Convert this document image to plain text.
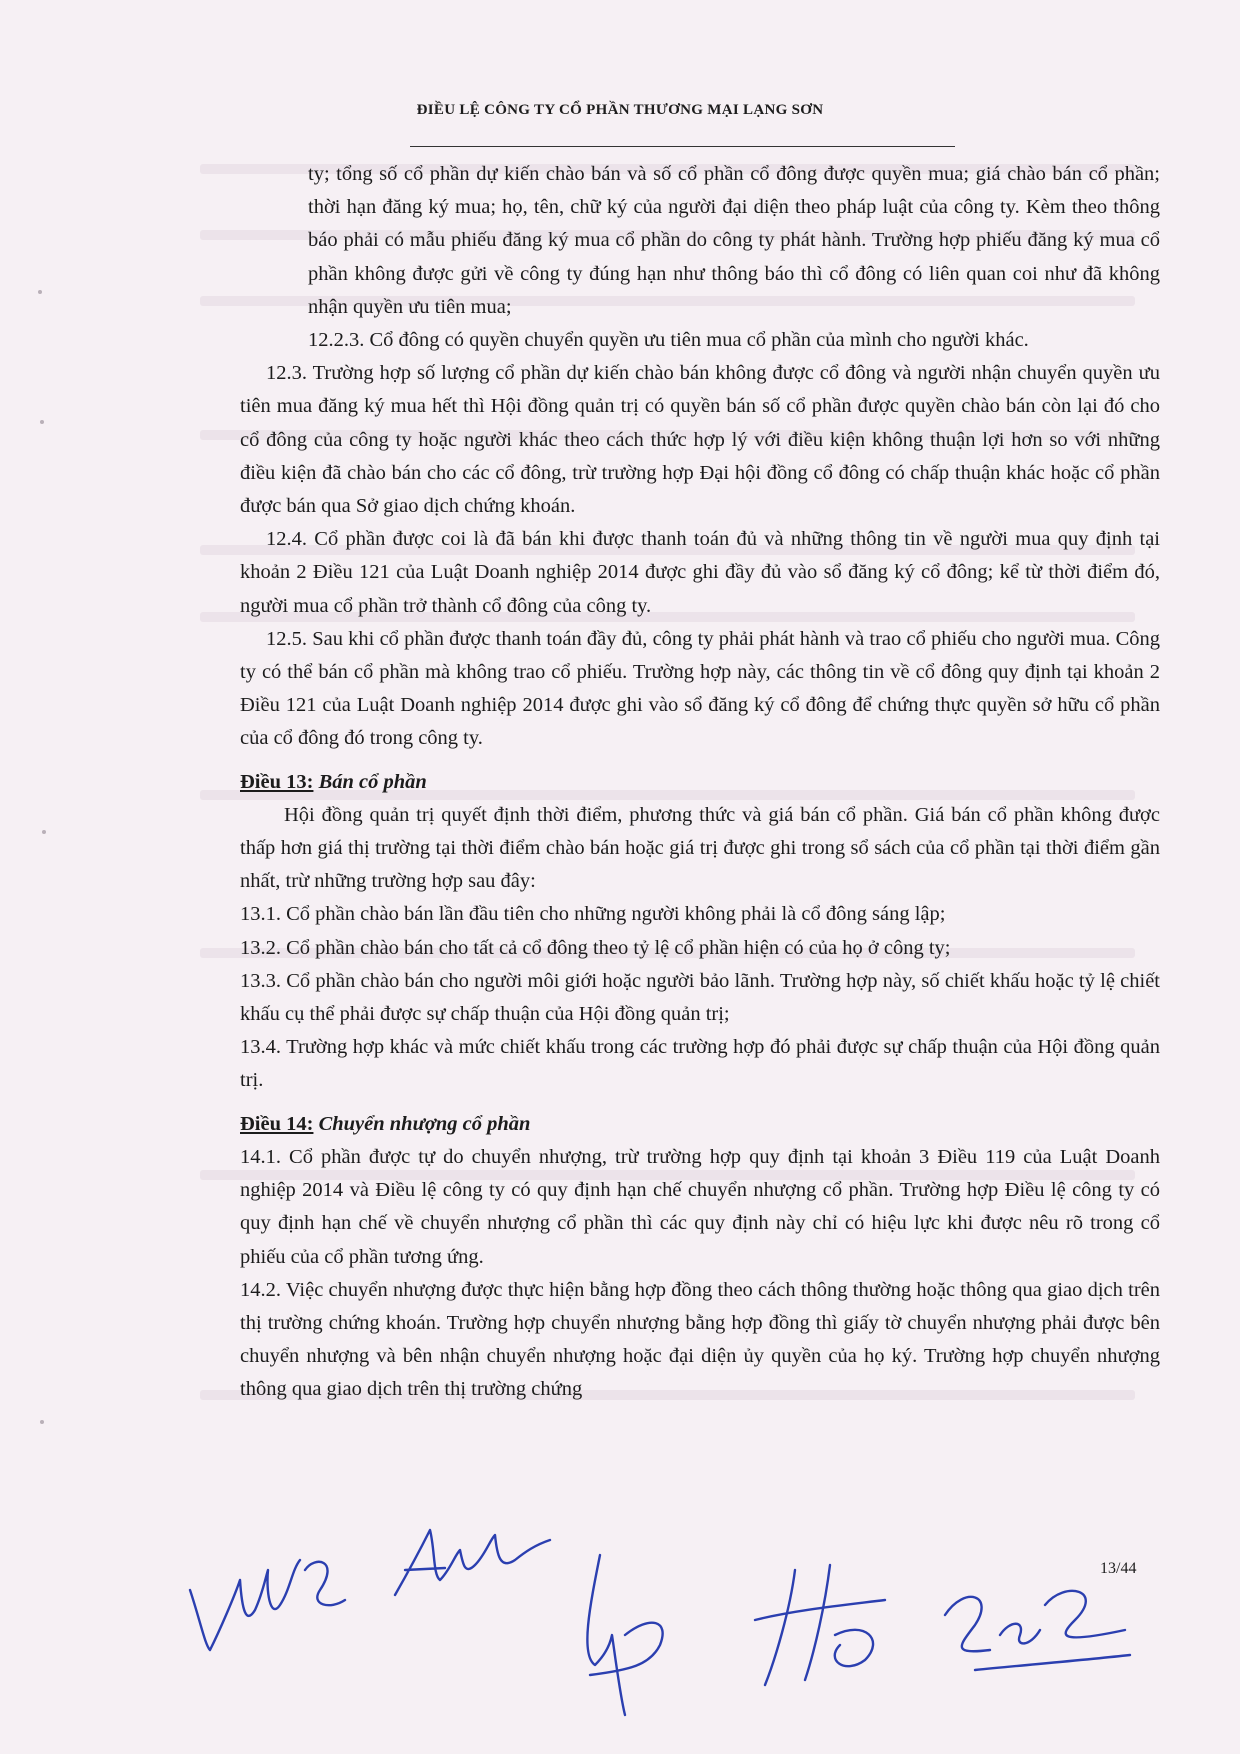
ĐIỀU LỆ CÔNG TY CỔ PHẦN THƯƠNG MẠI LẠNG SƠN

ty; tổng số cổ phần dự kiến chào bán và số cổ phần cổ đông được quyền mua; giá chào bán cổ phần; thời hạn đăng ký mua; họ, tên, chữ ký của người đại diện theo pháp luật của công ty. Kèm theo thông báo phải có mẫu phiếu đăng ký mua cổ phần do công ty phát hành. Trường hợp phiếu đăng ký mua cổ phần không được gửi về công ty đúng hạn như thông báo thì cổ đông có liên quan coi như đã không nhận quyền ưu tiên mua;

12.2.3. Cổ đông có quyền chuyển quyền ưu tiên mua cổ phần của mình cho người khác.

12.3. Trường hợp số lượng cổ phần dự kiến chào bán không được cổ đông và người nhận chuyển quyền ưu tiên mua đăng ký mua hết thì Hội đồng quản trị có quyền bán số cổ phần được quyền chào bán còn lại đó cho cổ đông của công ty hoặc người khác theo cách thức hợp lý với điều kiện không thuận lợi hơn so với những điều kiện đã chào bán cho các cổ đông, trừ trường hợp Đại hội đồng cổ đông có chấp thuận khác hoặc cổ phần được bán qua Sở giao dịch chứng khoán.

12.4. Cổ phần được coi là đã bán khi được thanh toán đủ và những thông tin về người mua quy định tại khoản 2 Điều 121 của Luật Doanh nghiệp 2014 được ghi đầy đủ vào sổ đăng ký cổ đông; kể từ thời điểm đó, người mua cổ phần trở thành cổ đông của công ty.

12.5. Sau khi cổ phần được thanh toán đầy đủ, công ty phải phát hành và trao cổ phiếu cho người mua. Công ty có thể bán cổ phần mà không trao cổ phiếu. Trường hợp này, các thông tin về cổ đông quy định tại khoản 2 Điều 121 của Luật Doanh nghiệp 2014 được ghi vào sổ đăng ký cổ đông để chứng thực quyền sở hữu cổ phần của cổ đông đó trong công ty.

Điều 13: Bán cổ phần

Hội đồng quản trị quyết định thời điểm, phương thức và giá bán cổ phần. Giá bán cổ phần không được thấp hơn giá thị trường tại thời điểm chào bán hoặc giá trị được ghi trong sổ sách của cổ phần tại thời điểm gần nhất, trừ những trường hợp sau đây:

13.1. Cổ phần chào bán lần đầu tiên cho những người không phải là cổ đông sáng lập;

13.2. Cổ phần chào bán cho tất cả cổ đông theo tỷ lệ cổ phần hiện có của họ ở công ty;

13.3. Cổ phần chào bán cho người môi giới hoặc người bảo lãnh. Trường hợp này, số chiết khấu hoặc tỷ lệ chiết khấu cụ thể phải được sự chấp thuận của Hội đồng quản trị;

13.4. Trường hợp khác và mức chiết khấu trong các trường hợp đó phải được sự chấp thuận của Hội đồng quản trị.

Điều 14: Chuyển nhượng cổ phần

14.1. Cổ phần được tự do chuyển nhượng, trừ trường hợp quy định tại khoản 3 Điều 119 của Luật Doanh nghiệp 2014 và Điều lệ công ty có quy định hạn chế chuyển nhượng cổ phần. Trường hợp Điều lệ công ty có quy định hạn chế về chuyển nhượng cổ phần thì các quy định này chỉ có hiệu lực khi được nêu rõ trong cổ phiếu của cổ phần tương ứng.

14.2. Việc chuyển nhượng được thực hiện bằng hợp đồng theo cách thông thường hoặc thông qua giao dịch trên thị trường chứng khoán. Trường hợp chuyển nhượng bằng hợp đồng thì giấy tờ chuyển nhượng phải được bên chuyển nhượng và bên nhận chuyển nhượng hoặc đại diện ủy quyền của họ ký. Trường hợp chuyển nhượng thông qua giao dịch trên thị trường chứng

13/44
